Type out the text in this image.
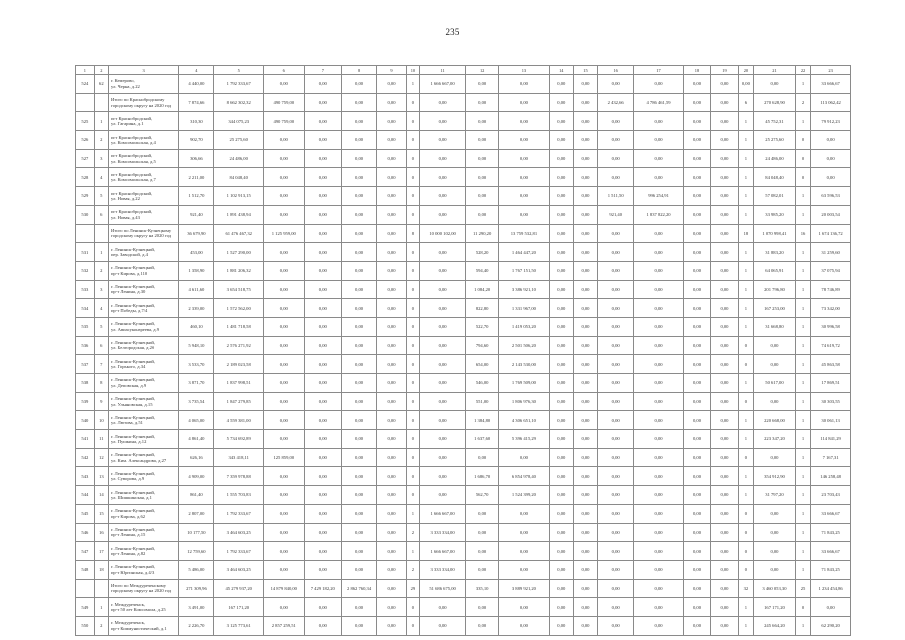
235
1	2	3	4	5	6	7	8	9	10	11	12	13	14	15	16	17	18	19	20	21	22	23
524	62	г. Кемерово,
ул. Черна, д.22	4 440,00	1 792 333,67	0,00	0,00	0,00	0,00	1	1 666 667,00	0,00	0,00	0,00	0,00	0,00	0,00	0,00	0,00	0,00	0,00	1	33 666,67
		Итого по Краснобродскому городскому округу на 2020 год	7 874,66	8 662 302,32	490 759,00	0,00	0,00	0,00	0	0,00	0,00	0,00	0,00	0,00	2 432,66	4 786 461,59	0,00	0,00	6	270 628,90	2	113 062,42
525	1	пгт Краснобродский,
ул. Гагарина, д.1	310,30	344 075,23	490 759,00	0,00	0,00	0,00	0	0,00	0,00	0,00	0,00	0,00	0,00	0,00	0,00	0,00	1	45 752,31	1	79 912,23
526	2	пгт Краснобродский,
ул. Комсомольская, д.4	902,70	25 275,60	0,00	0,00	0,00	0,00	0	0,00	0,00	0,00	0,00	0,00	0,00	0,00	0,00	0,00	1	25 275,60	0	0,00
527	3	пгт Краснобродский,
ул. Комсомольская, д.5	306,66	24 486,00	0,00	0,00	0,00	0,00	0	0,00	0,00	0,00	0,00	0,00	0,00	0,00	0,00	0,00	1	24 486,00	0	0,00
528	4	пгт Краснобродский,
ул. Комсомольская, д.7	2 211,00	84 048,40	0,00	0,00	0,00	0,00	0	0,00	0,00	0,00	0,00	0,00	0,00	0,00	0,00	0,00	1	84 048,40	0	0,00
529	5	пгт Краснобродский,
ул. Новая, д.22	1 512,70	1 102 913,15	0,00	0,00	0,00	0,00	0	0,00	0,00	0,00	0,00	0,00	1 511,50	996 254,91	0,00	0,00	1	57 082,01	1	63 596,53
530	6	пгт Краснобродский,
ул. Новая, д.43	921,40	1 891 438,94	0,00	0,00	0,00	0,00	0	0,00	0,00	0,00	0,00	0,00	921,40	1 837 822,20	0,00	0,00	1	33 985,20	1	20 003,54
		Итого по Ленинск-Кузнецкому городскому округу на 2020 год	36 679,90	61 476 467,32	1 125 959,00	0,00	0,00	0,00	8	10 000 102,00	11 290,20	13 759 532,81	0,00	0,00	0,00	0,00	0,00	0,00	18	1 070 998,41	16	1 674 136,72
531	1	г. Ленинск-Кузнецкий,
пер. Заводской, д.4	453,00	1 527 290,00	0,00	0,00	0,00	0,00	0	0,00	528,20	1 464 447,20	0,00	0,00	0,00	0,00	0,00	0,00	1	31 883,20	1	31 259,60
532	2	г. Ленинск-Кузнецкий,
пр-т Кирова, д.110	1 358,90	1 881 206,32	0,00	0,00	0,00	0,00	0	0,00	594,40	1 767 151,50	0,00	0,00	0,00	0,00	0,00	0,00	1	64 065,91	1	37 075,94
533	3	г. Ленинск-Кузнецкий,
пр-т Ленина, д.30	4 611,60	3 654 518,75	0,00	0,00	0,00	0,00	0	0,00	1 084,20	3 386 921,10	0,00	0,00	0,00	0,00	0,00	0,00	1	201 796,80	1	78 746,89
534	4	г. Ленинск-Кузнецкий,
пр-т Победы, д.7/4	2 339,00	1 572 562,00	0,00	0,00	0,00	0,00	0	0,00	822,80	1 331 967,00	0,00	0,00	0,00	0,00	0,00	0,00	1	167 253,00	1	73 342,00
535	5	г. Ленинск-Кузнецкий,
ул. Авиасуконзреева, д.9	460,10	1 481 718,58	0,00	0,00	0,00	0,00	0	0,00	522,70	1 419 053,20	0,00	0,00	0,00	0,00	0,00	0,00	1	31 668,80	1	30 996,58
536	6	г. Ленинск-Кузнецкий,
ул. Белгородская, д.2б	5 948,10	2 576 271,92	0,00	0,00	0,00	0,00	0	0,00	794,60	2 501 506,20	0,00	0,00	0,00	0,00	0,00	0,00	0	0,00	1	74 619,72
537	7	г. Ленинск-Кузнецкий,
ул. Горького, д.34	3 533,70	2 189 023,58	0,00	0,00	0,00	0,00	0	0,00	654,00	2 143 530,00	0,00	0,00	0,00	0,00	0,00	0,00	0	0,00	1	45 863,58
538	8	г. Ленинск-Кузнецкий,
ул. Деповская, д.9	3 871,70	1 837 998,51	0,00	0,00	0,00	0,00	0	0,00	546,00	1 769 509,00	0,00	0,00	0,00	0,00	0,00	0,00	1	50 617,00	1	17 869,51
539	9	г. Ленинск-Кузнецкий,
ул. Ульяновская, д.15	3 735,54	1 847 279,85	0,00	0,00	0,00	0,00	0	0,00	551,00	1 806 976,30	0,00	0,00	0,00	0,00	0,00	0,00	0	0,00	1	30 303,55
540	10	г. Ленинск-Кузнецкий,
ул. Лютова, д.51	4 065,00	4 559 381,00	0,00	0,00	0,00	0,00	0	0,00	1 384,80	4 306 651,10	0,00	0,00	0,00	0,00	0,00	0,00	1	220 668,00	1	30 061,13
541	11	г. Ленинск-Кузнецкий,
ул. Пушкина, д.12	4 861,40	5 734 692,89	0,00	0,00	0,00	0,00	0	0,00	1 637,60	5 396 415,29	0,00	0,00	0,00	0,00	0,00	0,00	1	223 347,20	1	114 841,29
542	12	г. Ленинск-Кузнецкий,
ул. Ким. Александрова, д.27	626,16	343 418,11	125 859,00	0,00	0,00	0,00	0	0,00	0,00	0,00	0,00	0,00	0,00	0,00	0,00	0,00	0	0,00	1	7 167,31
543	13	г. Ленинск-Кузнецкий,
ул. Суворова, д.9	4 909,00	7 359 978,88	0,00	0,00	0,00	0,00	0	0,00	1 686,70	6 854 978,40	0,00	0,00	0,00	0,00	0,00	0,00	1	354 912,90	1	146 258,48
544	14	г. Ленинск-Кузнецкий,
ул. Шишкинская, д.1	861,40	1 555 703,83	0,00	0,00	0,00	0,00	0	0,00	562,70	1 524 399,20	0,00	0,00	0,00	0,00	0,00	0,00	1	31 797,20	1	23 703,43
545	15	г. Ленинск-Кузнецкий,
пр-т Кирова, д.62	2 807,00	1 792 333,67	0,00	0,00	0,00	0,00	1	1 666 667,00	0,00	0,00	0,00	0,00	0,00	0,00	0,00	0,00	0	0,00	1	33 666,67
546	16	г. Ленинск-Кузнецкий,
пр-т Ленина, д.15	10 177,50	3 464 603,25	0,00	0,00	0,00	0,00	2	3 333 334,00	0,00	0,00	0,00	0,00	0,00	0,00	0,00	0,00	0	0,00	1	71 843,25
547	17	г. Ленинск-Кузнецкий,
пр-т Ленина, д.82	12 759,60	1 792 333,67	0,00	0,00	0,00	0,00	1	1 666 667,00	0,00	0,00	0,00	0,00	0,00	0,00	0,00	0,00	0	0,00	1	33 666,67
548	18	г. Ленинск-Кузнецкий,
пр-т Юргинская, д.4/3	5 486,00	3 464 603,25	0,00	0,00	0,00	0,00	2	3 333 334,00	0,00	0,00	0,00	0,00	0,00	0,00	0,00	0,00	0	0,00	1	71 843,25
		Итого по Междуреченскому городскому округу на 2020 год	271 309,96	45 279 937,20	14 879 840,00	7 429 182,20	2 862 760,34	0,00	29	51 686 675,00	335,10	3 889 921,20	0,00	0,00	0,00	0,00	0,00	0,00	32	3 460 053,30	25	1 234 454,86
549	1	г. Междуреченск,
пр-т 50 лет Комсомола, д.25	3 491,00	167 171,20	0,00	0,00	0,00	0,00	0	0,00	0,00	0,00	0,00	0,00	0,00	0,00	0,00	0,00	1	167 171,20	0	0,00
550	2	г. Междуреченск,
пр-т Коммунистический, д.1	2 226,70	3 125 773,61	2 857 259,51	0,00	0,00	0,00	0	0,00	0,00	0,00	0,00	0,00	0,00	0,00	0,00	0,00	1	245 664,20	1	62 290,20
